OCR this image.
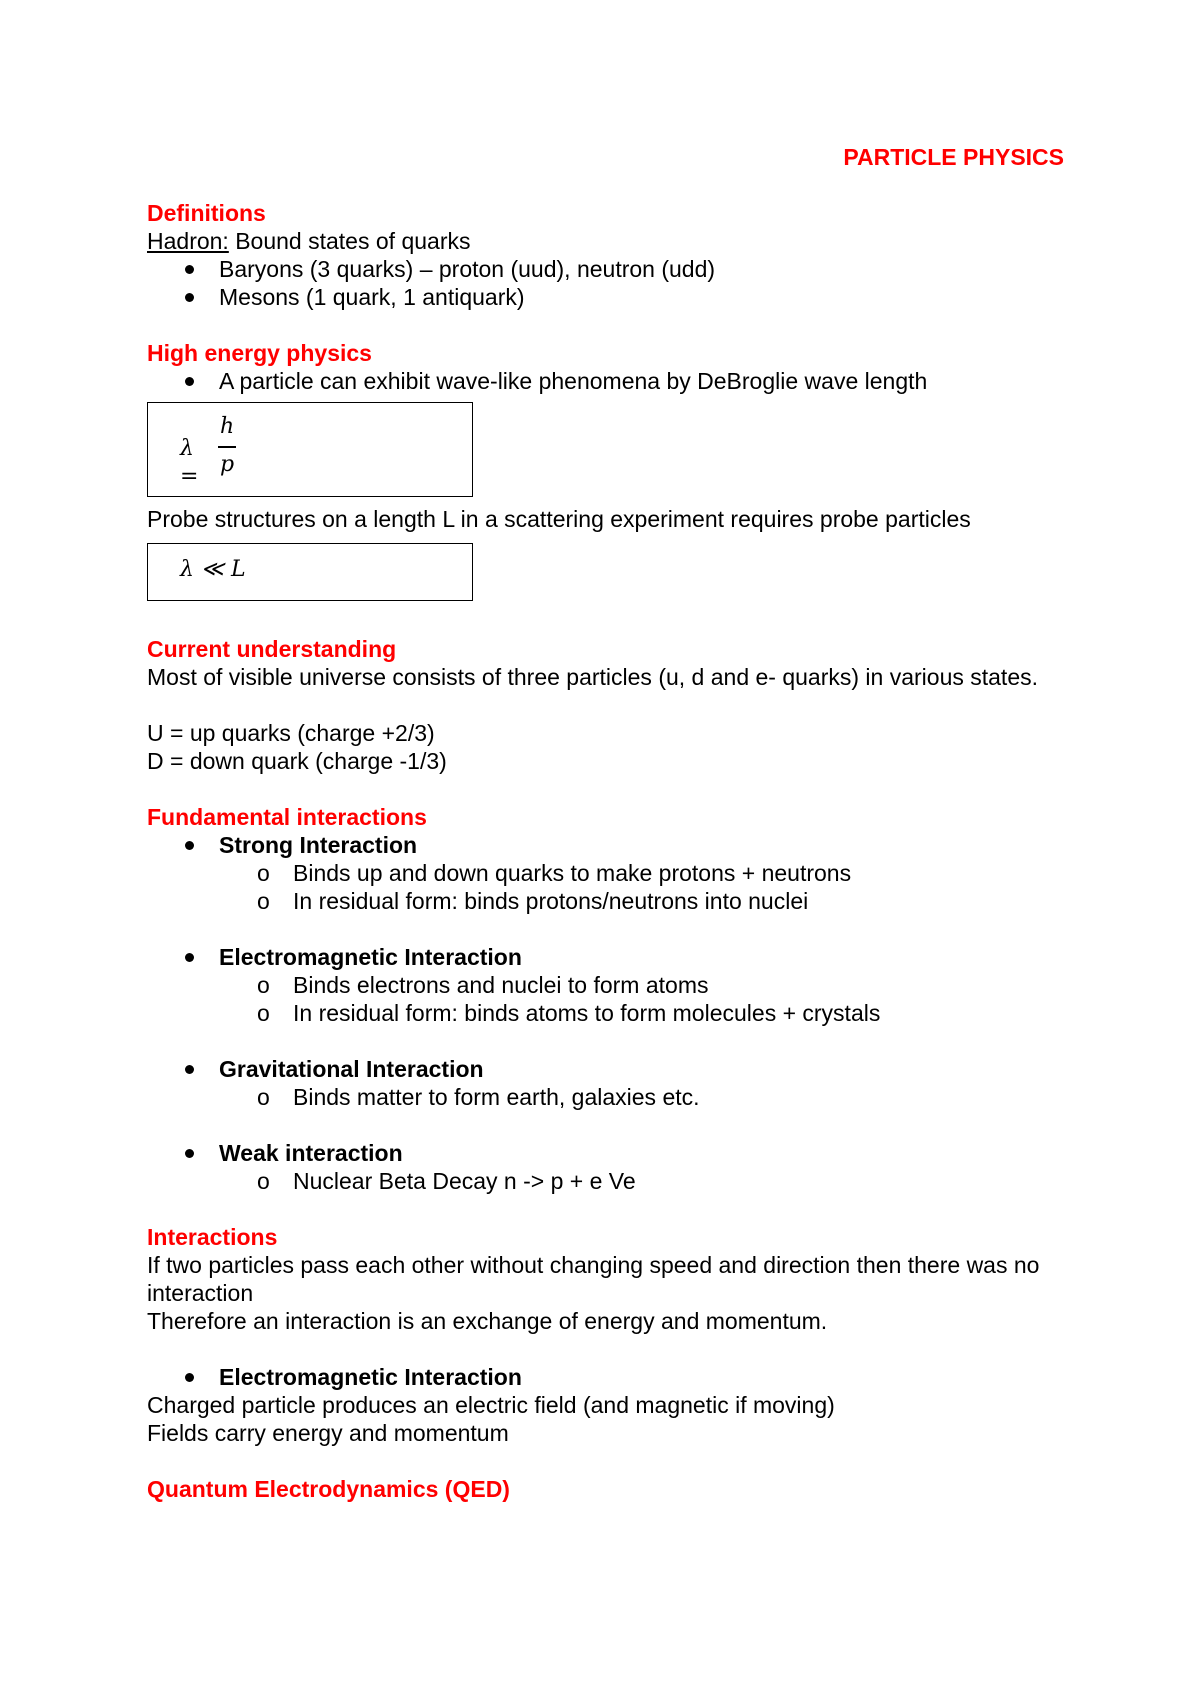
PARTICLE PHYSICS
Definitions
Hadron: Bound states of quarks
Baryons (3 quarks) – proton (uud), neutron (udd)
Mesons (1 quark, 1 antiquark)
High energy physics
A particle can exhibit wave-like phenomena by DeBroglie wave length
λ =
h
p
Probe structures on a length L in a scattering experiment requires probe particles
λ ≪ L
Current understanding
Most of visible universe consists of three particles (u, d and e- quarks) in various states.
U = up quarks (charge +2/3)
D = down quark (charge -1/3)
Fundamental interactions
Strong Interaction
o Binds up and down quarks to make protons + neutrons
o In residual form: binds protons/neutrons into nuclei
Electromagnetic Interaction
o Binds electrons and nuclei to form atoms
o In residual form: binds atoms to form molecules + crystals
Gravitational Interaction
o Binds matter to form earth, galaxies etc.
Weak interaction
o Nuclear Beta Decay n -> p + e Ve
Interactions
If two particles pass each other without changing speed and direction then there was no interaction
Therefore an interaction is an exchange of energy and momentum.
Electromagnetic Interaction
Charged particle produces an electric field (and magnetic if moving)
Fields carry energy and momentum
Quantum Electrodynamics (QED)
